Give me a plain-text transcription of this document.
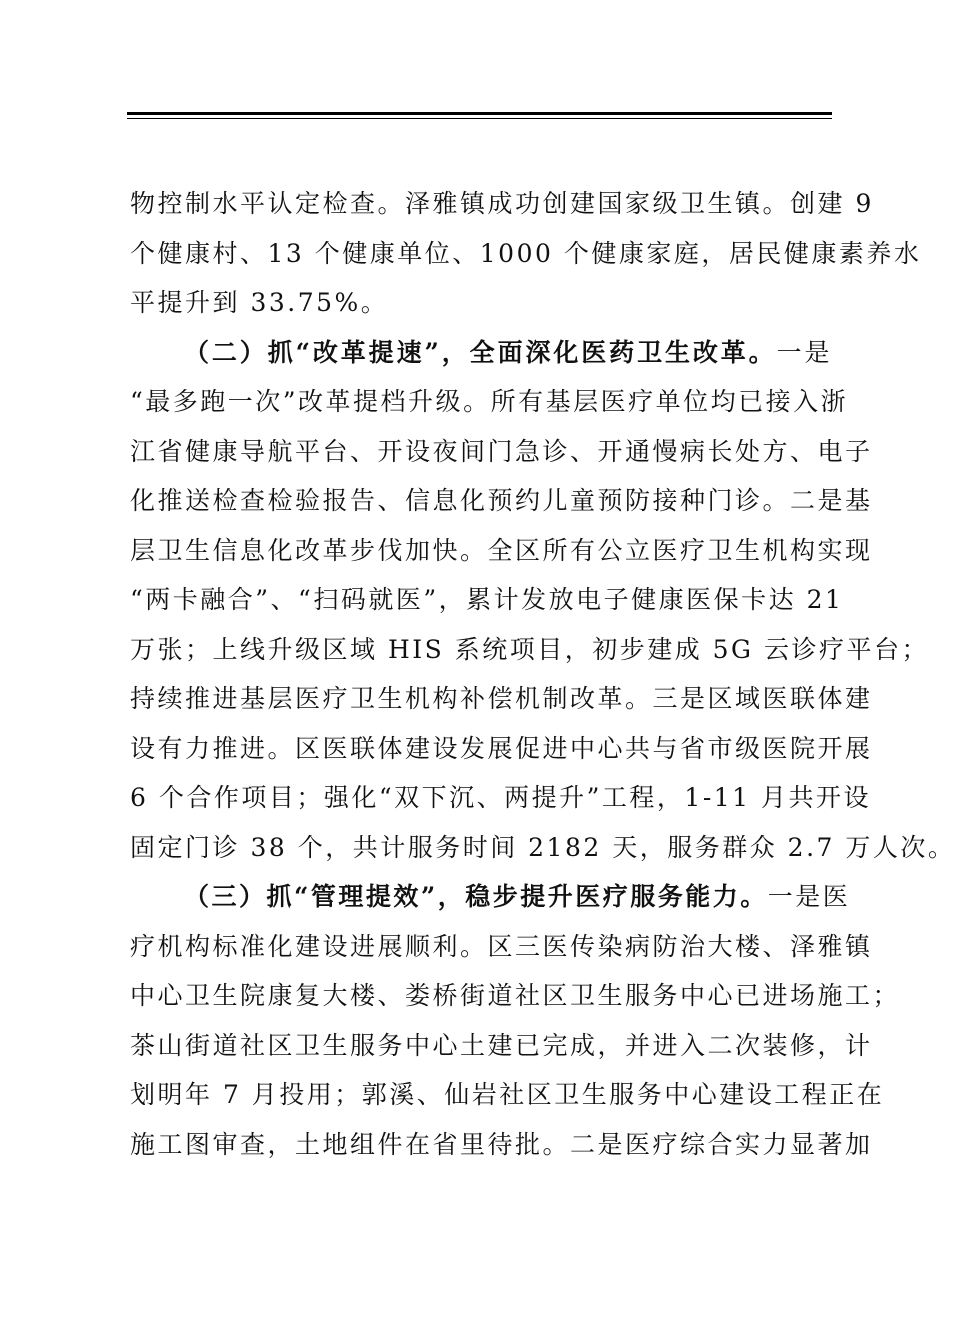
物控制水平认定检查。泽雅镇成功创建国家级卫生镇。创建 9
个健康村、13 个健康单位、1000 个健康家庭，居民健康素养水
平提升到 33.75%。
（二）抓“改革提速”，全面深化医药卫生改革。一是
“最多跑一次”改革提档升级。所有基层医疗单位均已接入浙
江省健康导航平台、开设夜间门急诊、开通慢病长处方、电子
化推送检查检验报告、信息化预约儿童预防接种门诊。二是基
层卫生信息化改革步伐加快。全区所有公立医疗卫生机构实现
“两卡融合”、“扫码就医”，累计发放电子健康医保卡达 21
万张；上线升级区域 HIS 系统项目，初步建成 5G 云诊疗平台；
持续推进基层医疗卫生机构补偿机制改革。三是区域医联体建
设有力推进。区医联体建设发展促进中心共与省市级医院开展
6 个合作项目；强化“双下沉、两提升”工程，1-11 月共开设
固定门诊 38 个，共计服务时间 2182 天，服务群众 2.7 万人次。
（三）抓“管理提效”，稳步提升医疗服务能力。一是医
疗机构标准化建设进展顺利。区三医传染病防治大楼、泽雅镇
中心卫生院康复大楼、娄桥街道社区卫生服务中心已进场施工；
茶山街道社区卫生服务中心土建已完成，并进入二次装修，计
划明年 7 月投用；郭溪、仙岩社区卫生服务中心建设工程正在
施工图审查，土地组件在省里待批。二是医疗综合实力显著加
